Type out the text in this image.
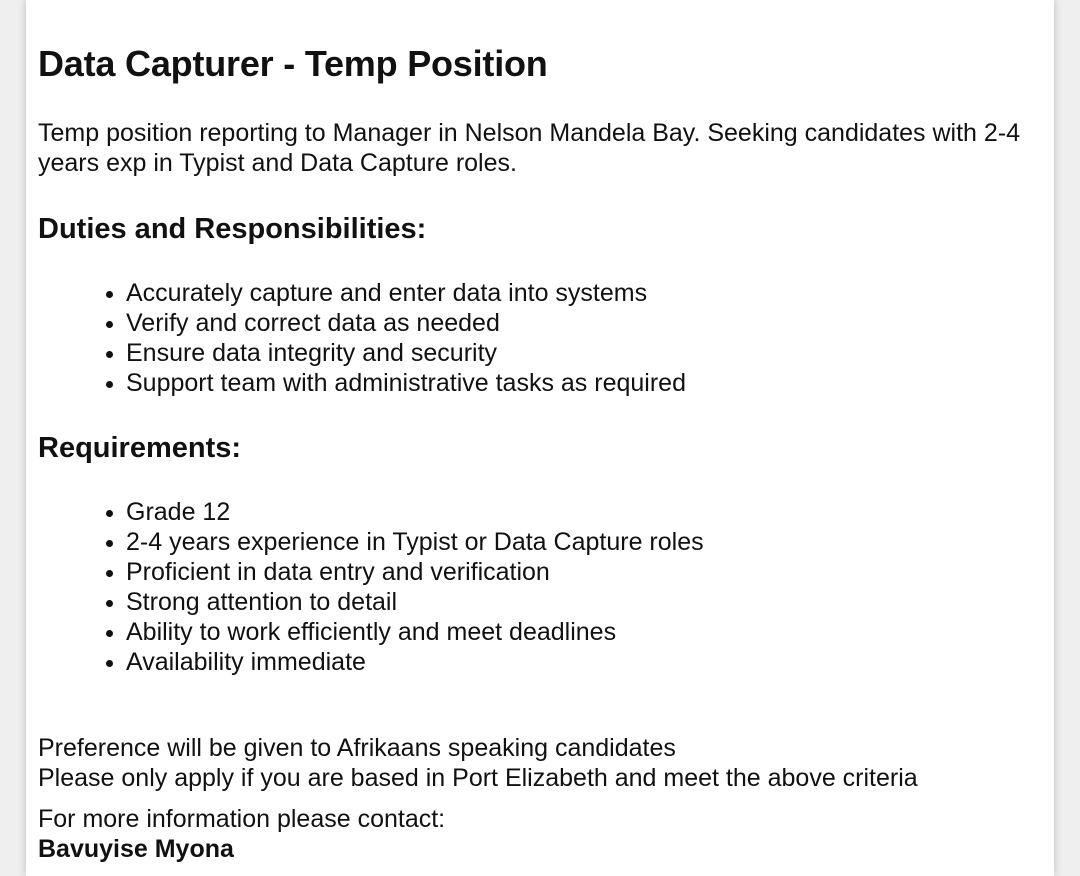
Data Capturer - Temp Position

Temp position reporting to Manager in Nelson Mandela Bay. Seeking candidates with 2-4 years exp in Typist and Data Capture roles.

Duties and Responsibilities:
Accurately capture and enter data into systems
Verify and correct data as needed
Ensure data integrity and security
Support team with administrative tasks as required
Requirements:
Grade 12
2-4 years experience in Typist or Data Capture roles
Proficient in data entry and verification
Strong attention to detail
Ability to work efficiently and meet deadlines
Availability immediate

Preference will be given to Afrikaans speaking candidates

Please only apply if you are based in Port Elizabeth and meet the above criteria

For more information please contact:

Bavuyise Myona
